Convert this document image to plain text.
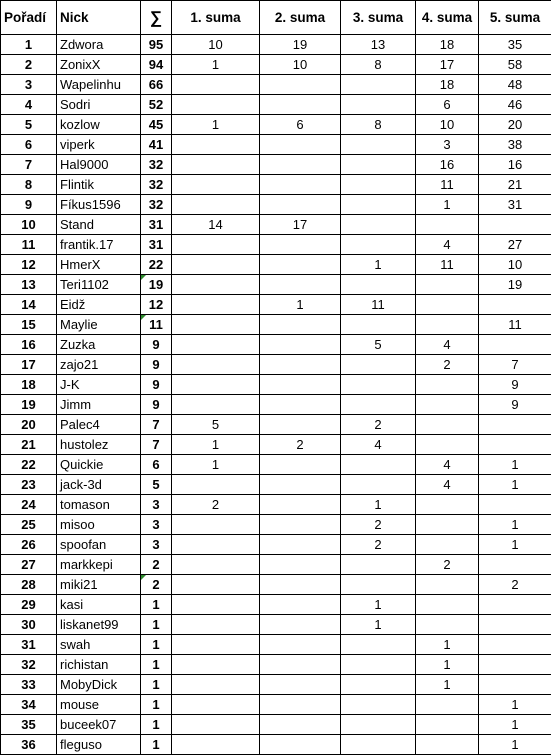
Pořadí	Nick	∑	1. suma	2. suma	3. suma	4. suma	5. suma
1	Zdwora	95	10	19	13	18	35
2	ZonixX	94	1	10	8	17	58
3	Wapelinhu	66				18	48
4	Sodri	52				6	46
5	kozlow	45	1	6	8	10	20
6	viperk	41				3	38
7	Hal9000	32				16	16
8	Flintik	32				11	21
9	Fíkus1596	32				1	31
10	Stand	31	14	17			
11	frantik.17	31				4	27
12	HmerX	22			1	11	10
13	Teri1102	19					19
14	Eidž	12		1	11		
15	Maylie	11					11
16	Zuzka	9			5	4	
17	zajo21	9				2	7
18	J-K	9					9
19	Jimm	9					9
20	Palec4	7	5		2		
21	hustolez	7	1	2	4		
22	Quickie	6	1			4	1
23	jack-3d	5				4	1
24	tomason	3	2		1		
25	misoo	3			2		1
26	spoofan	3			2		1
27	markkepi	2				2	
28	miki21	2					2
29	kasi	1			1		
30	liskanet99	1			1		
31	swah	1				1	
32	richistan	1				1	
33	MobyDick	1				1	
34	mouse	1					1
35	buceek07	1					1
36	fleguso	1					1
